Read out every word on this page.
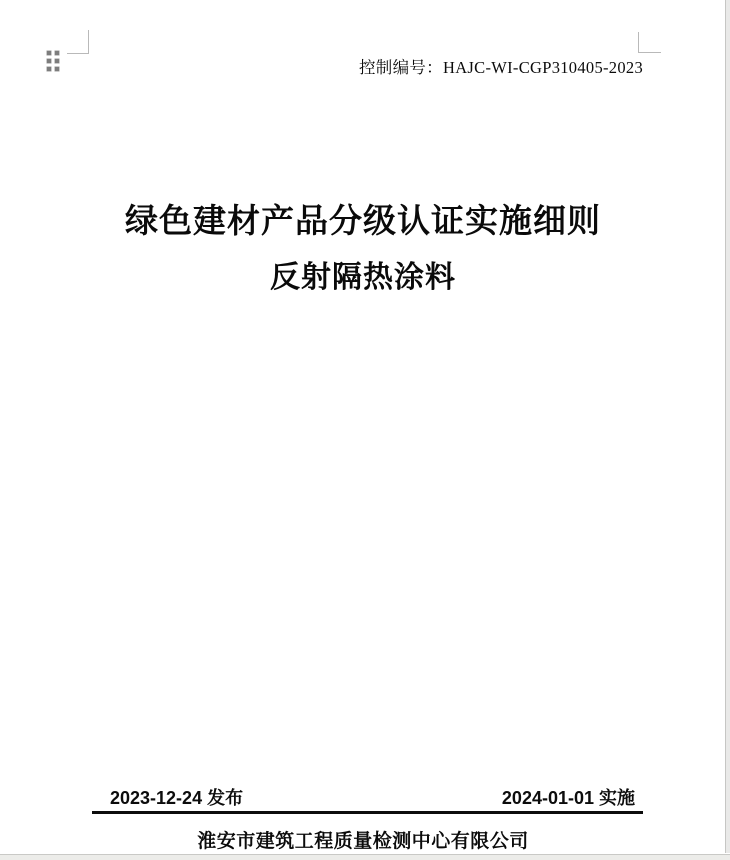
控制编号：HAJC-WI-CGP310405-2023
绿色建材产品分级认证实施细则
反射隔热涂料
2023-12-24 发布	2024-01-01 实施
淮安市建筑工程质量检测中心有限公司
